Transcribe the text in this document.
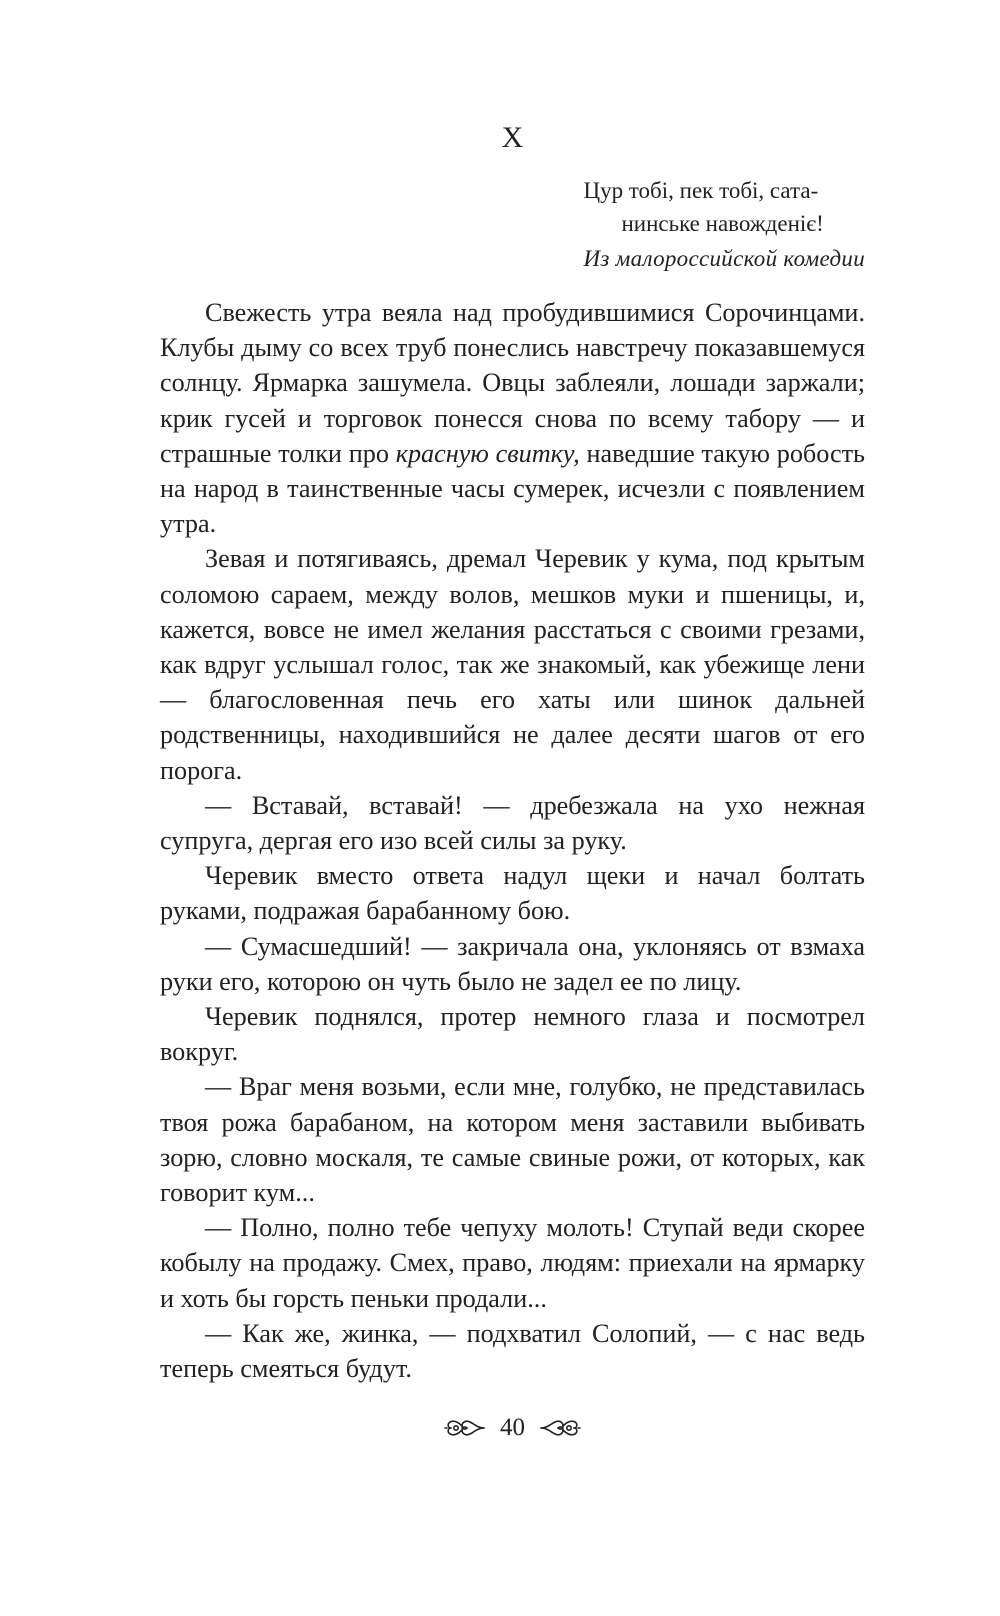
X
Цур тобі, пек тобі, сата-
нинське навожденіє!
Из малороссийской комедии

Свежесть утра веяла над пробудившимися Сорочинцами. Клубы дыму со всех труб понеслись навстречу показавшемуся солнцу. Ярмарка зашумела. Овцы заблеяли, лошади заржали; крик гусей и торговок понесся снова по всему табору — и страшные толки про красную свитку, наведшие такую робость на народ в таинственные часы сумерек, исчезли с появлением утра.

Зевая и потягиваясь, дремал Черевик у кума, под крытым соломою сараем, между волов, мешков муки и пшеницы, и, кажется, вовсе не имел желания расстаться с своими грезами, как вдруг услышал голос, так же знакомый, как убежище лени — благословенная печь его хаты или шинок дальней родственницы, находившийся не далее десяти шагов от его порога.

— Вставай, вставай! — дребезжала на ухо нежная супруга, дергая его изо всей силы за руку.

Черевик вместо ответа надул щеки и начал болтать руками, подражая барабанному бою.

— Сумасшедший! — закричала она, уклоняясь от взмаха руки его, которою он чуть было не задел ее по лицу.

Черевик поднялся, протер немного глаза и посмотрел вокруг.

— Враг меня возьми, если мне, голубко, не представилась твоя рожа барабаном, на котором меня заставили выбивать зорю, словно москаля, те самые свиные рожи, от которых, как говорит кум...

— Полно, полно тебе чепуху молоть! Ступай веди скорее кобылу на продажу. Смех, право, людям: приехали на ярмарку и хоть бы горсть пеньки продали...

— Как же, жинка, — подхватил Солопий, — с нас ведь теперь смеяться будут.

40
